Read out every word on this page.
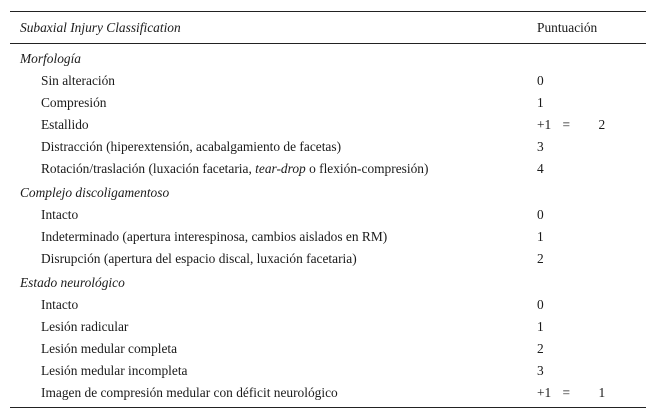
Subaxial Injury Classification	Puntuación
Morfología
Sin alteración	0
Compresión	1
Estallido	+1 = 2
Distracción (hiperextensión, acabalgamiento de facetas)	3
Rotación/traslación (luxación facetaria, tear-drop o flexión-compresión)	4
Complejo discoligamentoso
Intacto	0
Indeterminado (apertura interespinosa, cambios aislados en RM)	1
Disrupción (apertura del espacio discal, luxación facetaria)	2
Estado neurológico
Intacto	0
Lesión radicular	1
Lesión medular completa	2
Lesión medular incompleta	3
Imagen de compresión medular con déficit neurológico	+1 = 1
